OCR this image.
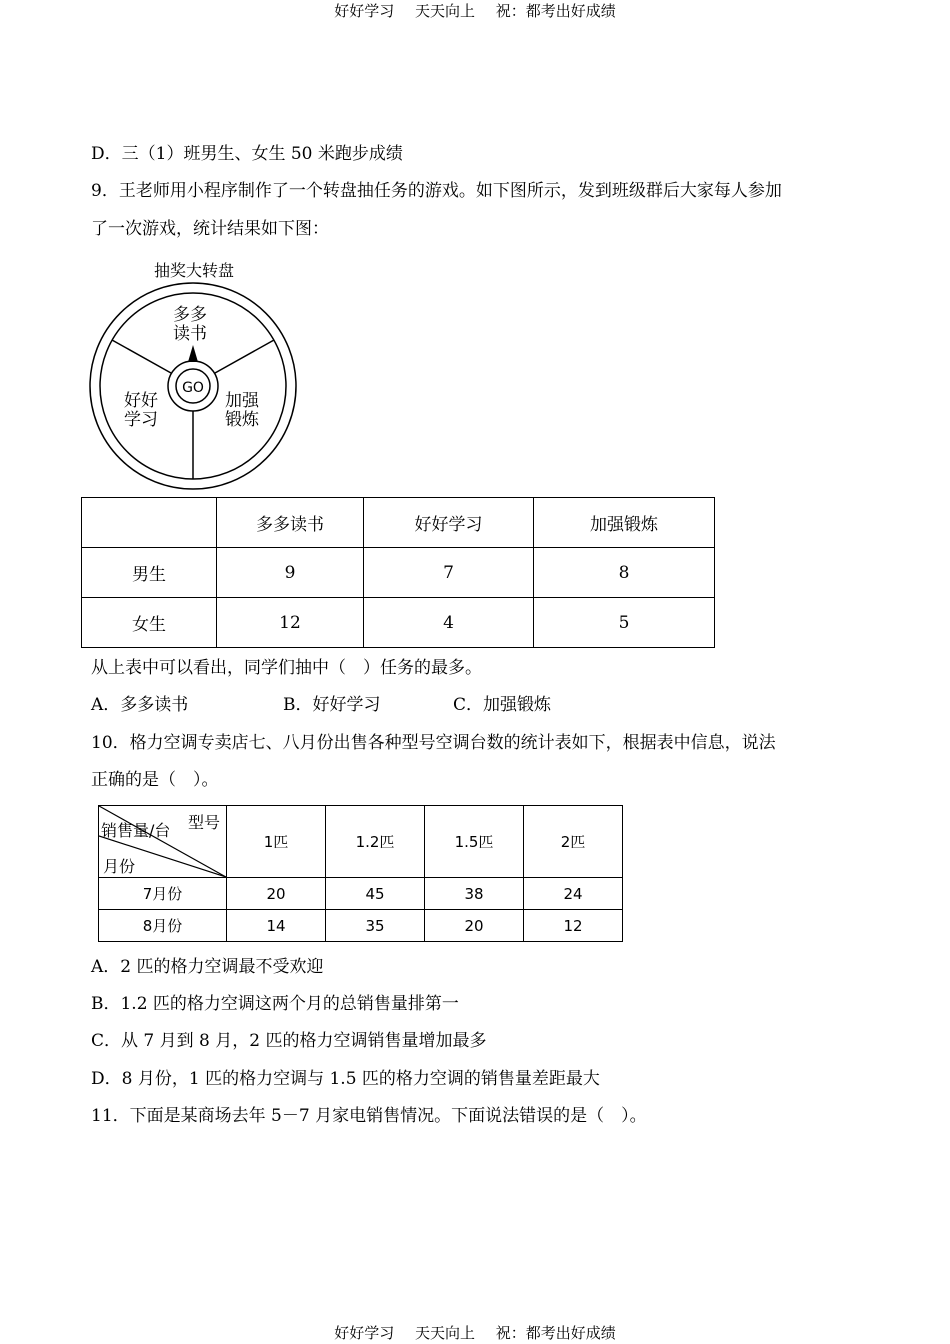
好好学习 天天向上 祝：都考出好成绩
D．三（1）班男生、女生 50 米跑步成绩
9．王老师用小程序制作了一个转盘抽任务的游戏。如下图所示，发到班级群后大家每人参加
了一次游戏，统计结果如下图：
抽奖大转盘
GO
多多
读书
好好
学习
加强
锻炼
	多多读书	好好学习	加强锻炼
男生	9	7	8
女生	12	4	5
从上表中可以看出，同学们抽中（　）任务的最多。
A．多多读书	B．好好学习	C．加强锻炼
10．格力空调专卖店七、八月份出售各种型号空调台数的统计表如下，根据表中信息，说法
正确的是（　）。
型号
销售量/台
月份	1匹	1.2匹	1.5匹	2匹
7月份	20	45	38	24
8月份	14	35	20	12
A．2 匹的格力空调最不受欢迎
B．1.2 匹的格力空调这两个月的总销售量排第一
C．从 7 月到 8 月，2 匹的格力空调销售量增加最多
D．8 月份，1 匹的格力空调与 1.5 匹的格力空调的销售量差距最大
11．下面是某商场去年 5－7 月家电销售情况。下面说法错误的是（　）。
好好学习 天天向上 祝：都考出好成绩
